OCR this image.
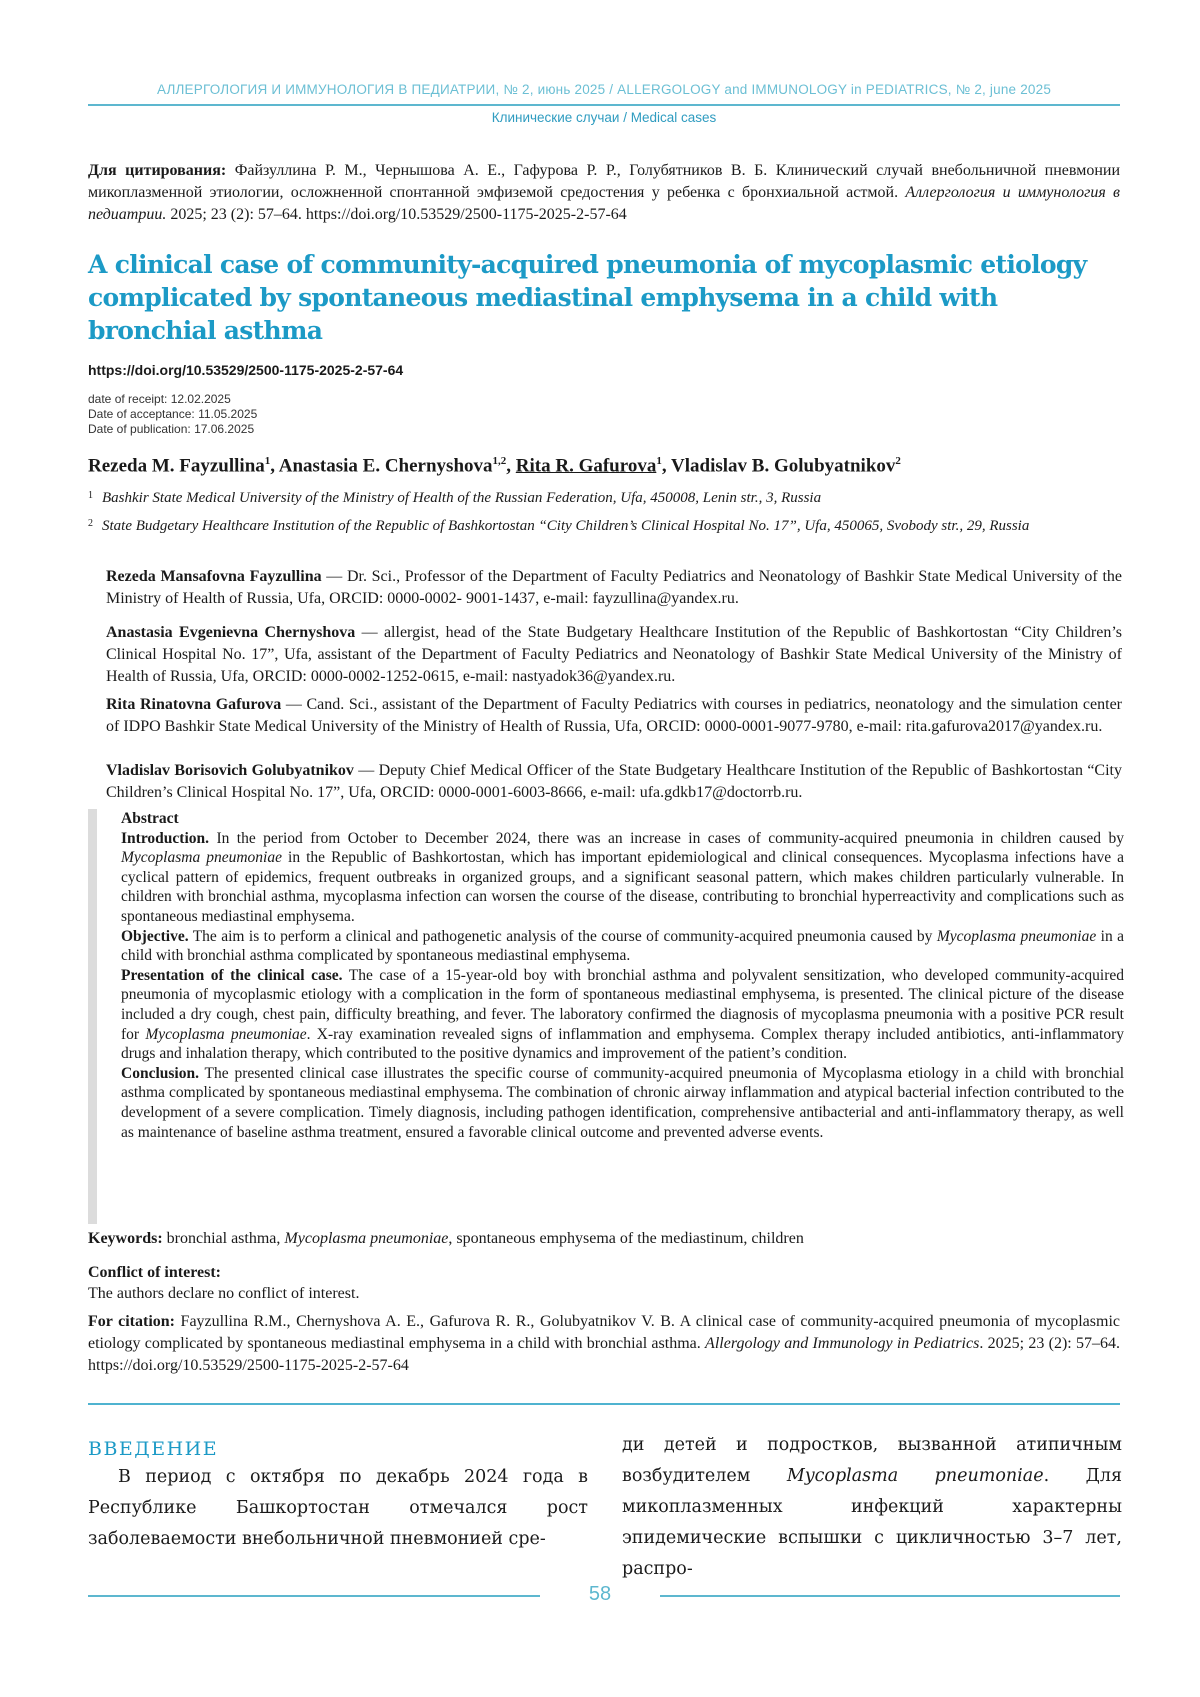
АЛЛЕРГОЛОГИЯ И ИММУНОЛОГИЯ В ПЕДИАТРИИ, № 2, июнь 2025 / ALLERGOLOGY and IMMUNOLOGY in PEDIATRICS, № 2, june 2025
Клинические случаи / Medical cases
Для цитирования: Файзуллина Р. М., Чернышова А. Е., Гафурова Р. Р., Голубятников В. Б. Клинический случай внебольничной пневмонии микоплазменной этиологии, осложненной спонтанной эмфиземой средостения у ребенка с бронхиальной астмой. Аллергология и иммунология в педиатрии. 2025; 23 (2): 57–64. https://doi.org/10.53529/2500-1175-2025-2-57-64
A clinical case of community-acquired pneumonia of mycoplasmic etiology complicated by spontaneous mediastinal emphysema in a child with bronchial asthma
https://doi.org/10.53529/2500-1175-2025-2-57-64
date of receipt: 12.02.2025
Date of acceptance: 11.05.2025
Date of publication: 17.06.2025
Rezeda M. Fayzullina$^1$, Anastasia E. Chernyshova$^{1,2}$, Rita R. Gafurova$^1$, Vladislav B. Golubyatnikov$^2$
1 Bashkir State Medical University of the Ministry of Health of the Russian Federation, Ufa, 450008, Lenin str., 3, Russia
2 State Budgetary Healthcare Institution of the Republic of Bashkortostan “City Children’s Clinical Hospital No. 17”, Ufa, 450065, Svobody str., 29, Russia
Rezeda Mansafovna Fayzullina — Dr. Sci., Professor of the Department of Faculty Pediatrics and Neonatology of Bashkir State Medical University of the Ministry of Health of Russia, Ufa, ORCID: 0000-0002- 9001-1437, e-mail: fayzullina@yandex.ru.
Anastasia Evgenievna Chernyshova — allergist, head of the State Budgetary Healthcare Institution of the Republic of Bashkortostan “City Children’s Clinical Hospital No. 17”, Ufa, assistant of the Department of Faculty Pediatrics and Neonatology of Bashkir State Medical University of the Ministry of Health of Russia, Ufa, ORCID: 0000-0002-1252-0615, e-mail: nastyadok36@yandex.ru.
Rita Rinatovna Gafurova — Cand. Sci., assistant of the Department of Faculty Pediatrics with courses in pediatrics, neonatology and the simulation center of IDPO Bashkir State Medical University of the Ministry of Health of Russia, Ufa, ORCID: 0000-0001-9077-9780, e-mail: rita.gafurova2017@yandex.ru.
Vladislav Borisovich Golubyatnikov — Deputy Chief Medical Officer of the State Budgetary Healthcare Institution of the Republic of Bashkortostan “City Children’s Clinical Hospital No. 17”, Ufa, ORCID: 0000-0001-6003-8666, e-mail: ufa.gdkb17@doctorrb.ru.

Abstract

Introduction. In the period from October to December 2024, there was an increase in cases of community-acquired pneumonia in children caused by Mycoplasma pneumoniae in the Republic of Bashkortostan, which has important epidemiological and clinical consequences. Mycoplasma infections have a cyclical pattern of epidemics, frequent outbreaks in organized groups, and a significant seasonal pattern, which makes children particularly vulnerable. In children with bronchial asthma, mycoplasma infection can worsen the course of the disease, contributing to bronchial hyperreactivity and complications such as spontaneous mediastinal emphysema.

Objective. The aim is to perform a clinical and pathogenetic analysis of the course of community-acquired pneumonia caused by Mycoplasma pneumoniae in a child with bronchial asthma complicated by spontaneous mediastinal emphysema.

Presentation of the clinical case. The case of a 15-year-old boy with bronchial asthma and polyvalent sensitization, who developed community-acquired pneumonia of mycoplasmic etiology with a complication in the form of spontaneous mediastinal emphysema, is presented. The clinical picture of the disease included a dry cough, chest pain, difficulty breathing, and fever. The laboratory confirmed the diagnosis of mycoplasma pneumonia with a positive PCR result for Mycoplasma pneumoniae. X-ray examination revealed signs of inflammation and emphysema. Complex therapy included antibiotics, anti-inflammatory drugs and inhalation therapy, which contributed to the positive dynamics and improvement of the patient’s condition.

Conclusion. The presented clinical case illustrates the specific course of community-acquired pneumonia of Mycoplasma etiology in a child with bronchial asthma complicated by spontaneous mediastinal emphysema. The combination of chronic airway inflammation and atypical bacterial infection contributed to the development of a severe complication. Timely diagnosis, including pathogen identification, comprehensive antibacterial and anti-inflammatory therapy, as well as maintenance of baseline asthma treatment, ensured a favorable clinical outcome and prevented adverse events.

Keywords: bronchial asthma, Mycoplasma pneumoniae, spontaneous emphysema of the mediastinum, children
Conflict of interest:
The authors declare no conflict of interest.
For citation: Fayzullina R.M., Chernyshova A. E., Gafurova R. R., Golubyatnikov V. B. A clinical case of community-acquired pneumonia of mycoplasmic etiology complicated by spontaneous mediastinal emphysema in a child with bronchial asthma. Allergology and Immunology in Pediatrics. 2025; 23 (2): 57–64. https://doi.org/10.53529/2500-1175-2025-2-57-64
ВВЕДЕНИЕ

В период с октября по декабрь 2024 года в Республике Башкортостан отмечался рост заболеваемости внебольничной пневмонией сре-

ди детей и подростков, вызванной атипичным возбудителем Mycoplasma pneumoniae. Для микоплазменных инфекций характерны эпидемические вспышки с цикличностью 3–7 лет, распро-

58
